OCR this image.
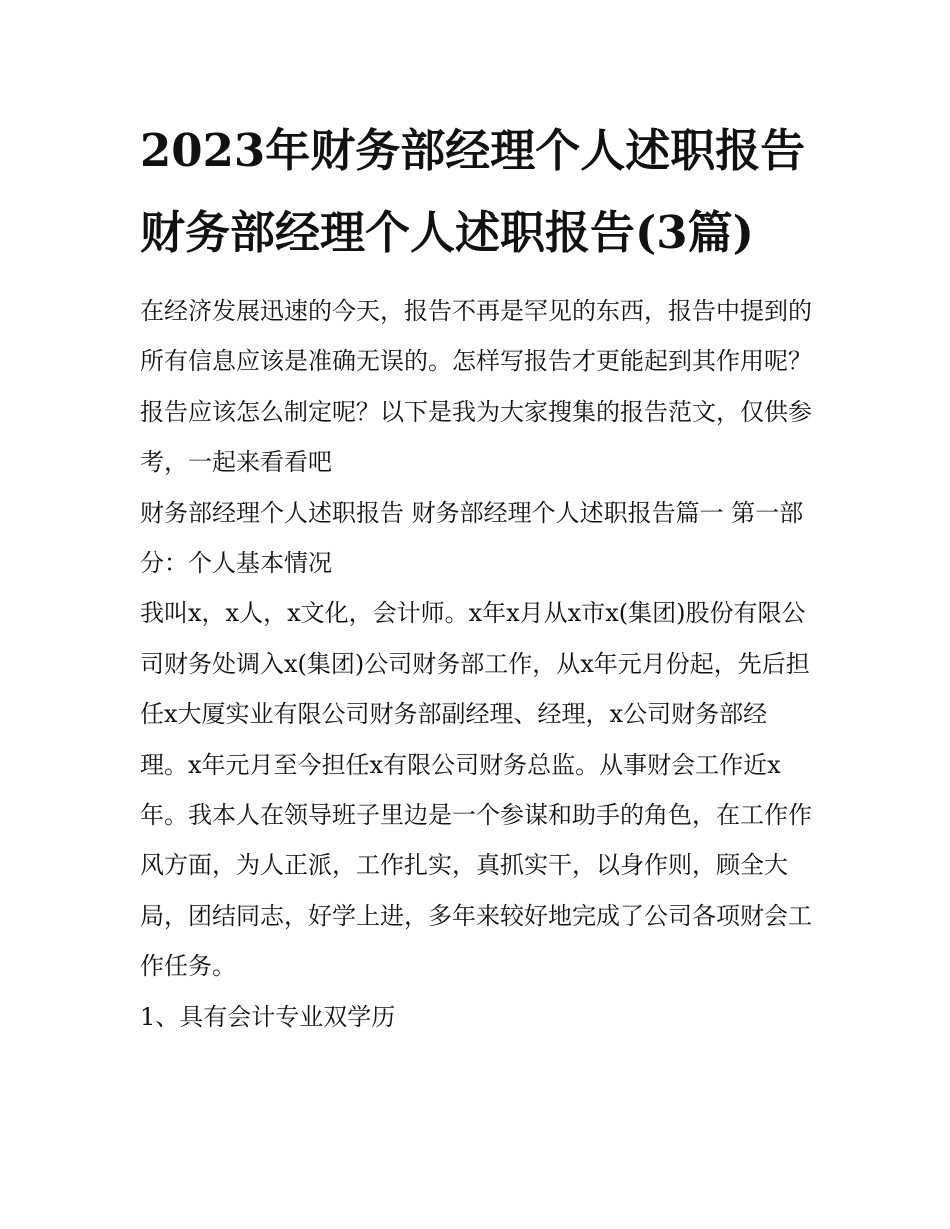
2023年财务部经理个人述职报告 财务部经理个人述职报告(3篇)

在经济发展迅速的今天，报告不再是罕见的东西，报告中提到的所有信息应该是准确无误的。怎样写报告才更能起到其作用呢？报告应该怎么制定呢？以下是我为大家搜集的报告范文，仅供参考，一起来看看吧

财务部经理个人述职报告 财务部经理个人述职报告篇一 第一部分：个人基本情况

我叫x，x人，x文化，会计师。x年x月从x市x(集团)股份有限公司财务处调入x(集团)公司财务部工作，从x年元月份起，先后担任x大厦实业有限公司财务部副经理、经理，x公司财务部经理。x年元月至今担任x有限公司财务总监。从事财会工作近x年。我本人在领导班子里边是一个参谋和助手的角色，在工作作风方面，为人正派，工作扎实，真抓实干，以身作则，顾全大局，团结同志，好学上进，多年来较好地完成了公司各项财会工作任务。

1、具有会计专业双学历
